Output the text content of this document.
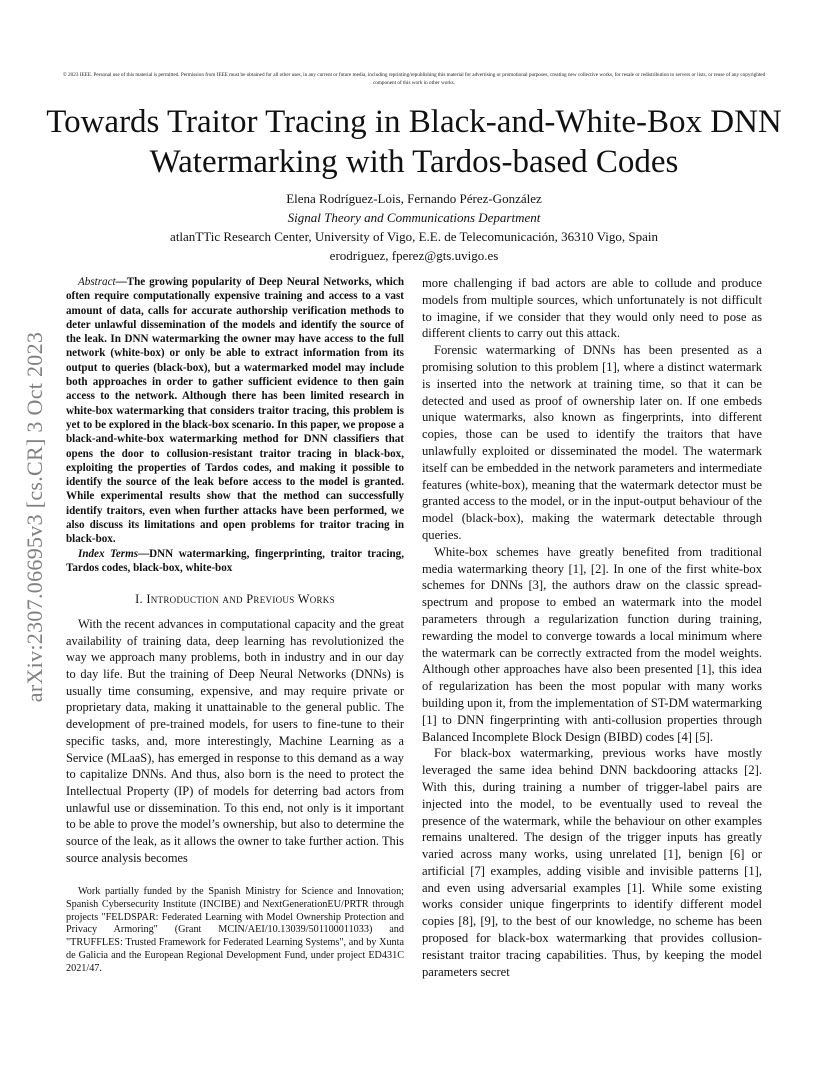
© 2023 IEEE. Personal use of this material is permitted. Permission from IEEE must be obtained for all other uses, in any current or future media, including reprinting/republishing this material for advertising or promotional purposes, creating new collective works, for resale or redistribution to servers or lists, or reuse of any copyrighted component of this work in other works.
Towards Traitor Tracing in Black-and-White-Box DNN Watermarking with Tardos-based Codes
Elena Rodríguez-Lois, Fernando Pérez-González
Signal Theory and Communications Department
atlanTTic Research Center, University of Vigo, E.E. de Telecomunicación, 36310 Vigo, Spain
erodriguez, fperez@gts.uvigo.es
arXiv:2307.06695v3 [cs.CR] 3 Oct 2023

Abstract—The growing popularity of Deep Neural Networks, which often require computationally expensive training and access to a vast amount of data, calls for accurate authorship verification methods to deter unlawful dissemination of the models and identify the source of the leak. In DNN watermarking the owner may have access to the full network (white-box) or only be able to extract information from its output to queries (black-box), but a watermarked model may include both approaches in order to gather sufficient evidence to then gain access to the network. Although there has been limited research in white-box watermarking that considers traitor tracing, this problem is yet to be explored in the black-box scenario. In this paper, we propose a black-and-white-box watermarking method for DNN classifiers that opens the door to collusion-resistant traitor tracing in black-box, exploiting the properties of Tardos codes, and making it possible to identify the source of the leak before access to the model is granted. While experimental results show that the method can successfully identify traitors, even when further attacks have been performed, we also discuss its limitations and open problems for traitor tracing in black-box.

Index Terms—DNN watermarking, fingerprinting, traitor tracing, Tardos codes, black-box, white-box

I. Introduction and Previous Works

With the recent advances in computational capacity and the great availability of training data, deep learning has revolutionized the way we approach many problems, both in industry and in our day to day life. But the training of Deep Neural Networks (DNNs) is usually time consuming, expensive, and may require private or proprietary data, making it unattainable to the general public. The development of pre-trained models, for users to fine-tune to their specific tasks, and, more interestingly, Machine Learning as a Service (MLaaS), has emerged in response to this demand as a way to capitalize DNNs. And thus, also born is the need to protect the Intellectual Property (IP) of models for deterring bad actors from unlawful use or dissemination. To this end, not only is it important to be able to prove the model’s ownership, but also to determine the source of the leak, as it allows the owner to take further action. This source analysis becomes

Work partially funded by the Spanish Ministry for Science and Innovation; Spanish Cybersecurity Institute (INCIBE) and NextGenerationEU/PRTR through projects "FELDSPAR: Federated Learning with Model Ownership Protection and Privacy Armoring" (Grant MCIN/AEI/10.13039/501100011033) and "TRUFFLES: Trusted Framework for Federated Learning Systems", and by Xunta de Galicia and the European Regional Development Fund, under project ED431C 2021/47.

more challenging if bad actors are able to collude and produce models from multiple sources, which unfortunately is not difficult to imagine, if we consider that they would only need to pose as different clients to carry out this attack.

Forensic watermarking of DNNs has been presented as a promising solution to this problem [1], where a distinct watermark is inserted into the network at training time, so that it can be detected and used as proof of ownership later on. If one embeds unique watermarks, also known as fingerprints, into different copies, those can be used to identify the traitors that have unlawfully exploited or disseminated the model. The watermark itself can be embedded in the network parameters and intermediate features (white-box), meaning that the watermark detector must be granted access to the model, or in the input-output behaviour of the model (black-box), making the watermark detectable through queries.

White-box schemes have greatly benefited from traditional media watermarking theory [1], [2]. In one of the first white-box schemes for DNNs [3], the authors draw on the classic spread-spectrum and propose to embed an watermark into the model parameters through a regularization function during training, rewarding the model to converge towards a local minimum where the watermark can be correctly extracted from the model weights. Although other approaches have also been presented [1], this idea of regularization has been the most popular with many works building upon it, from the implementation of ST-DM watermarking [1] to DNN fingerprinting with anti-collusion properties through Balanced Incomplete Block Design (BIBD) codes [4] [5].

For black-box watermarking, previous works have mostly leveraged the same idea behind DNN backdooring attacks [2]. With this, during training a number of trigger-label pairs are injected into the model, to be eventually used to reveal the presence of the watermark, while the behaviour on other examples remains unaltered. The design of the trigger inputs has greatly varied across many works, using unrelated [1], benign [6] or artificial [7] examples, adding visible and invisible patterns [1], and even using adversarial examples [1]. While some existing works consider unique fingerprints to identify different model copies [8], [9], to the best of our knowledge, no scheme has been proposed for black-box watermarking that provides collusion-resistant traitor tracing capabilities. Thus, by keeping the model parameters secret
